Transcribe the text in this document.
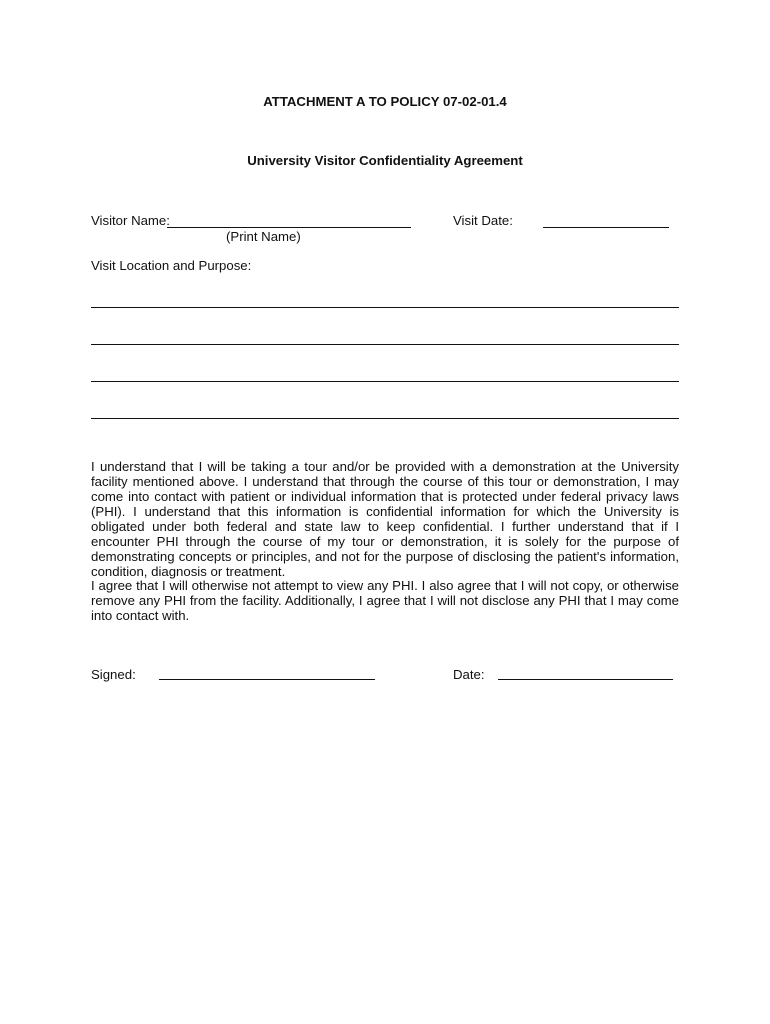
ATTACHMENT A TO POLICY 07-02-01.4
University Visitor Confidentiality Agreement
Visitor Name:
(Print Name)
Visit Date:
Visit Location and Purpose:
I understand that I will be taking a tour and/or be provided with a demonstration at the University facility mentioned above. I understand that through the course of this tour or demonstration, I may come into contact with patient or individual information that is protected under federal privacy laws (PHI). I understand that this information is confidential information for which the University is obligated under both federal and state law to keep confidential. I further understand that if I encounter PHI through the course of my tour or demonstration, it is solely for the purpose of demonstrating concepts or principles, and not for the purpose of disclosing the patient's information, condition, diagnosis or treatment.
I agree that I will otherwise not attempt to view any PHI. I also agree that I will not copy, or otherwise remove any PHI from the facility. Additionally, I agree that I will not disclose any PHI that I may come into contact with.
Signed:	Date:
